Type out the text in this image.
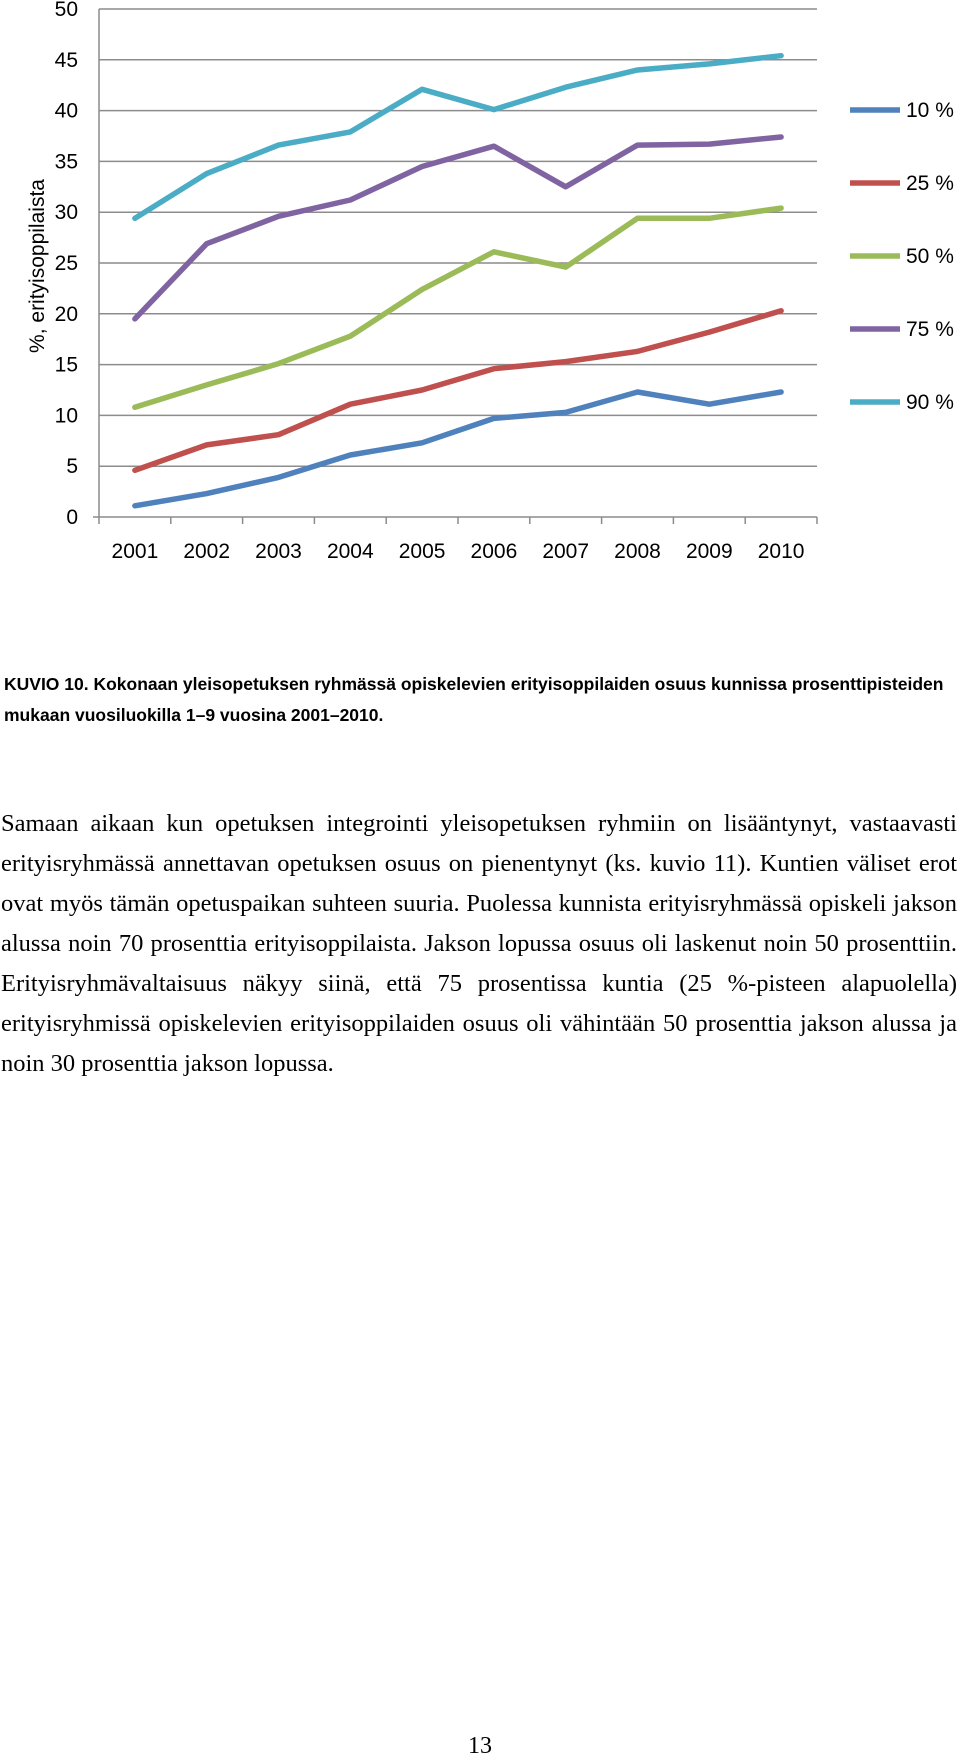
0
5
10
15
20
25
30
35
40
45
50
2001 2002 2003 2004 2005 2006 2007 2008 2009 2010
10 %
25 %
50 %
75 %
90 %
%, erityisoppilaista
KUVIO 10. Kokonaan yleisopetuksen ryhmässä opiskelevien erityisoppilaiden osuus kunnissa prosenttipisteiden mukaan vuosiluokilla 1–9 vuosina 2001–2010.

Samaan aikaan kun opetuksen integrointi yleisopetuksen ryhmiin on lisääntynyt, vastaavasti erityisryhmässä annettavan opetuksen osuus on pienentynyt (ks. kuvio 11). Kuntien väliset erot ovat myös tämän opetuspaikan suhteen suuria. Puolessa kunnista erityisryhmässä opiskeli jakson alussa noin 70 prosenttia erityisoppilaista. Jakson lopussa osuus oli laskenut noin 50 prosenttiin. Erityisryhmävaltaisuus näkyy siinä, että 75 prosentissa kuntia (25 %-pisteen alapuolella) erityisryhmissä opiskelevien erityisoppilaiden osuus oli vähintään 50 prosenttia jakson alussa ja noin 30 prosenttia jakson lopussa.

13
